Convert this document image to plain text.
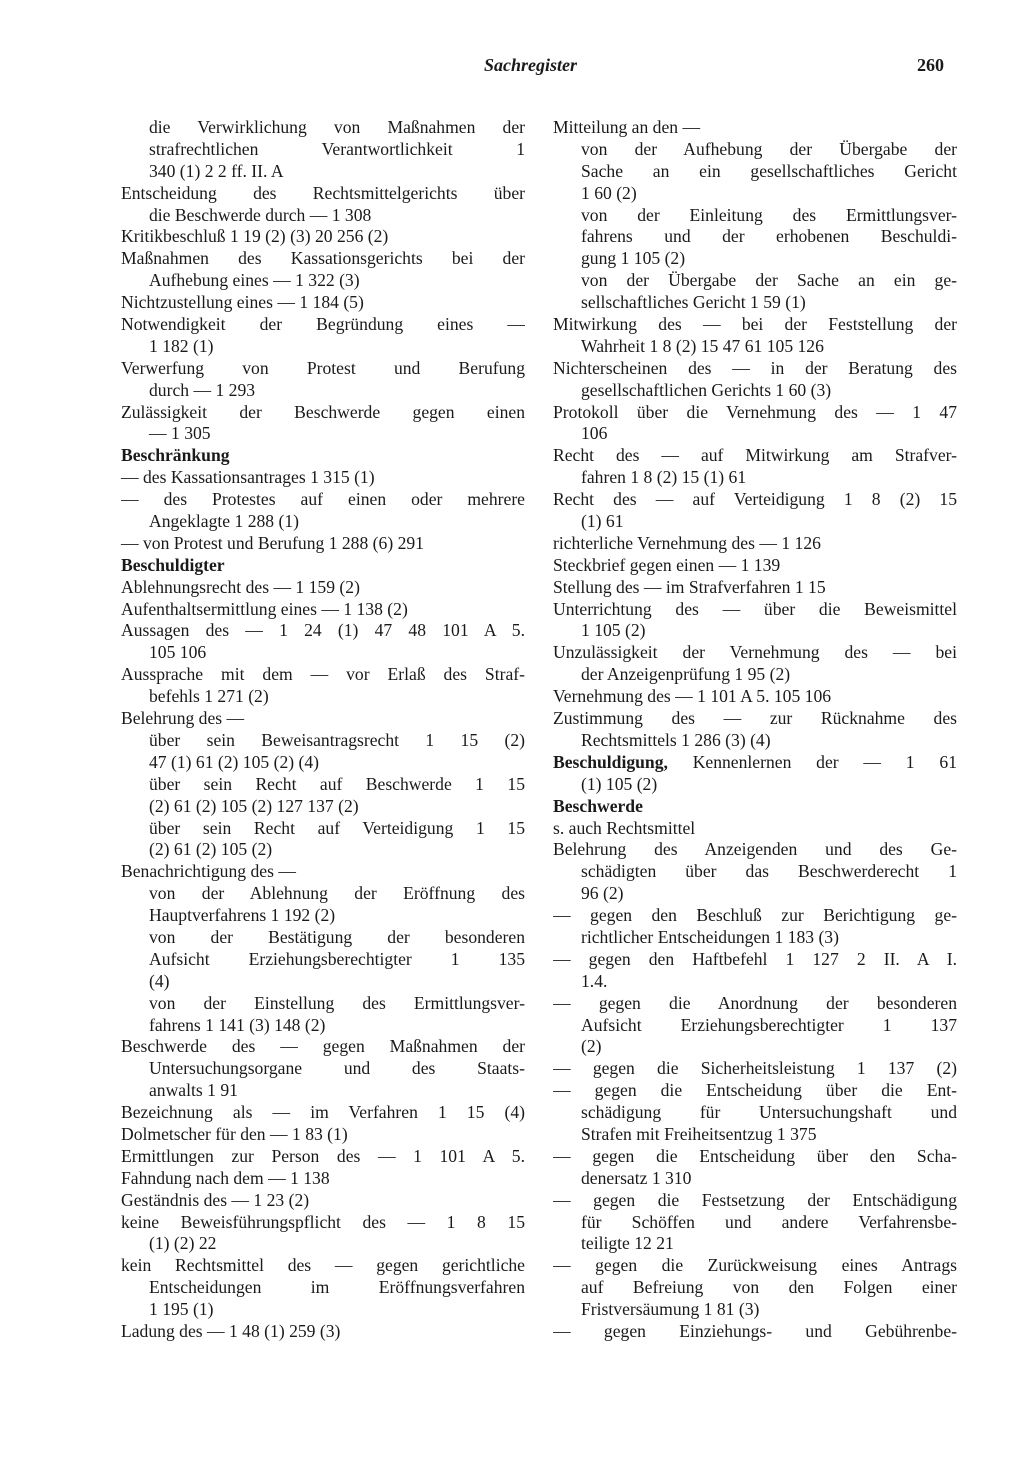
Sachregister	260
die Verwirklichung von Maßnahmen der
strafrechtlichen Verantwortlichkeit 1
340 (1) 2 2 ff. II. A
Entscheidung des Rechtsmittelgerichts über
die Beschwerde durch — 1 308
Kritikbeschluß 1 19 (2) (3) 20 256 (2)
Maßnahmen des Kassationsgerichts bei der
Aufhebung eines — 1 322 (3)
Nichtzustellung eines — 1 184 (5)
Notwendigkeit der Begründung eines —
1 182 (1)
Verwerfung von Protest und Berufung
durch — 1 293
Zulässigkeit der Beschwerde gegen einen
— 1 305
Beschränkung
— des Kassationsantrages 1 315 (1)
— des Protestes auf einen oder mehrere
Angeklagte 1 288 (1)
— von Protest und Berufung 1 288 (6) 291
Beschuldigter
Ablehnungsrecht des — 1 159 (2)
Aufenthaltsermittlung eines — 1 138 (2)
Aussagen des — 1 24 (1) 47 48 101 A 5.
105 106
Aussprache mit dem — vor Erlaß des Straf-
befehls 1 271 (2)
Belehrung des —
über sein Beweisantragsrecht 1 15 (2)
47 (1) 61 (2) 105 (2) (4)
über sein Recht auf Beschwerde 1 15
(2) 61 (2) 105 (2) 127 137 (2)
über sein Recht auf Verteidigung 1 15
(2) 61 (2) 105 (2)
Benachrichtigung des —
von der Ablehnung der Eröffnung des
Hauptverfahrens 1 192 (2)
von der Bestätigung der besonderen
Aufsicht Erziehungsberechtigter 1 135
(4)
von der Einstellung des Ermittlungsver-
fahrens 1 141 (3) 148 (2)
Beschwerde des — gegen Maßnahmen der
Untersuchungsorgane und des Staats-
anwalts 1 91
Bezeichnung als — im Verfahren 1 15 (4)
Dolmetscher für den — 1 83 (1)
Ermittlungen zur Person des — 1 101 A 5.
Fahndung nach dem — 1 138
Geständnis des — 1 23 (2)
keine Beweisführungspflicht des — 1 8 15
(1) (2) 22
kein Rechtsmittel des — gegen gerichtliche
Entscheidungen im Eröffnungsverfahren
1 195 (1)
Ladung des — 1 48 (1) 259 (3)
Mitteilung an den —
von der Aufhebung der Übergabe der
Sache an ein gesellschaftliches Gericht
1 60 (2)
von der Einleitung des Ermittlungsver-
fahrens und der erhobenen Beschuldi-
gung 1 105 (2)
von der Übergabe der Sache an ein ge-
sellschaftliches Gericht 1 59 (1)
Mitwirkung des — bei der Feststellung der
Wahrheit 1 8 (2) 15 47 61 105 126
Nichterscheinen des — in der Beratung des
gesellschaftlichen Gerichts 1 60 (3)
Protokoll über die Vernehmung des — 1 47
106
Recht des — auf Mitwirkung am Strafver-
fahren 1 8 (2) 15 (1) 61
Recht des — auf Verteidigung 1 8 (2) 15
(1) 61
richterliche Vernehmung des — 1 126
Steckbrief gegen einen — 1 139
Stellung des — im Strafverfahren 1 15
Unterrichtung des — über die Beweismittel
1 105 (2)
Unzulässigkeit der Vernehmung des — bei
der Anzeigenprüfung 1 95 (2)
Vernehmung des — 1 101 A 5. 105 106
Zustimmung des — zur Rücknahme des
Rechtsmittels 1 286 (3) (4)
Beschuldigung, Kennenlernen der — 1 61
(1) 105 (2)
Beschwerde
s. auch Rechtsmittel
Belehrung des Anzeigenden und des Ge-
schädigten über das Beschwerderecht 1
96 (2)
— gegen den Beschluß zur Berichtigung ge-
richtlicher Entscheidungen 1 183 (3)
— gegen den Haftbefehl 1 127 2 II. A I.
1.4.
— gegen die Anordnung der besonderen
Aufsicht Erziehungsberechtigter 1 137
(2)
— gegen die Sicherheitsleistung 1 137 (2)
— gegen die Entscheidung über die Ent-
schädigung für Untersuchungshaft und
Strafen mit Freiheitsentzug 1 375
— gegen die Entscheidung über den Scha-
denersatz 1 310
— gegen die Festsetzung der Entschädigung
für Schöffen und andere Verfahrensbe-
teiligte 12 21
— gegen die Zurückweisung eines Antrags
auf Befreiung von den Folgen einer
Fristversäumung 1 81 (3)
— gegen Einziehungs- und Gebührenbe-
